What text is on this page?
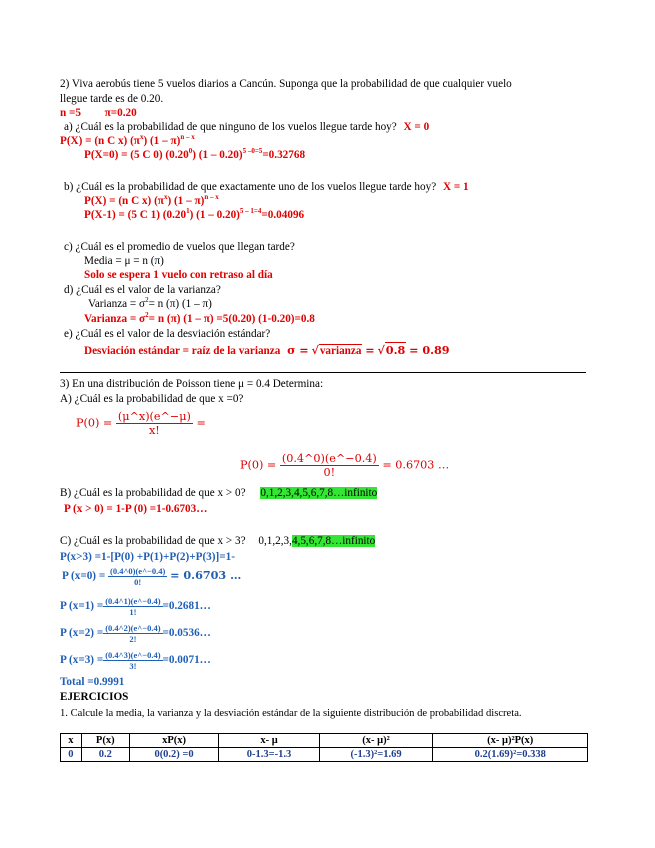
2) Viva aerobús tiene 5 vuelos diarios a Cancún. Suponga que la probabilidad de que cualquier vuelo
llegue tarde es de 0.20.
n =5 π=0.20
a) ¿Cuál es la probabilidad de que ninguno de los vuelos llegue tarde hoy? X = 0
P(X) = (n C x) $(\pi^x)$ (1 – π)$^{n - x}$
P(X=0) = (5 C 0) (0.20$^0$) (1 – 0.20)$^{5 -0=5}$=0.32768
b) ¿Cuál es la probabilidad de que exactamente uno de los vuelos llegue tarde hoy? X = 1
P(X) = (n C x) $(\pi^x)$ (1 – π)$^{n - x}$
P(X-1) = (5 C 1) (0.20$^1$) (1 – 0.20)$^{5 - 1=4}$=0.04096
c) ¿Cuál es el promedio de vuelos que llegan tarde?
Media = μ = n (π)
Solo se espera 1 vuelo con retraso al día
d) ¿Cuál es el valor de la varianza?
Varianza = $\sigma^2= n$ (π) (1 – π)
Varianza = $\sigma^2= n$ (π) (1 – π) =5(0.20) (1-0.20)=0.8
e) ¿Cuál es el valor de la desviación estándar?
Desviación estándar = raíz de la varianza σ = √varianza = √0.8 = 0.89
3) En una distribución de Poisson tiene μ = 0.4 Determina:
A) ¿Cuál es la probabilidad de que x =0?
$P(0) = \frac{(\mu\^{}x)(e\^{}-\mu)}{x!}$ =
$P(0) = \frac{(0.4\^{}0)(e\^{}-0.4)}{0!} = 0.6703$ …
B) ¿Cuál es la probabilidad de que x > 0? 0,1,2,3,4,5,6,7,8…infinito
P (x > 0) = 1-P (0) =1-0.6703…
C) ¿Cuál es la probabilidad de que x > 3? 0,1,2,3,4,5,6,7,8…infinito
P(x>3) =1-[P(0) +P(1)+P(2)+P(3)]=1-
P $(x=0) = \frac{(0.4\^{}0)(e\^{}-0.4)}{0!} = 0.6703$ …
P $(x=1) = \frac{(0.4\^{}1)(e\^{}-0.4)}{1!}$ =0.2681…
P $(x=2) = \frac{(0.4\^{}2)(e\^{}-0.4)}{2!}$ =0.0536…
P $(x=3) = \frac{(0.4\^{}3)(e\^{}-0.4)}{3!}$ =0.0071…
Total =0.9991
EJERCICIOS
1. Calcule la media, la varianza y la desviación estándar de la siguiente distribución de probabilidad discreta.
x	P(x)	xP(x)	x- μ	(x- μ)²	(x- μ)²P(x)
0	0.2	0(0.2) =0	0-1.3=-1.3	(-1.3)²=1.69	0.2(1.69)²=0.338
